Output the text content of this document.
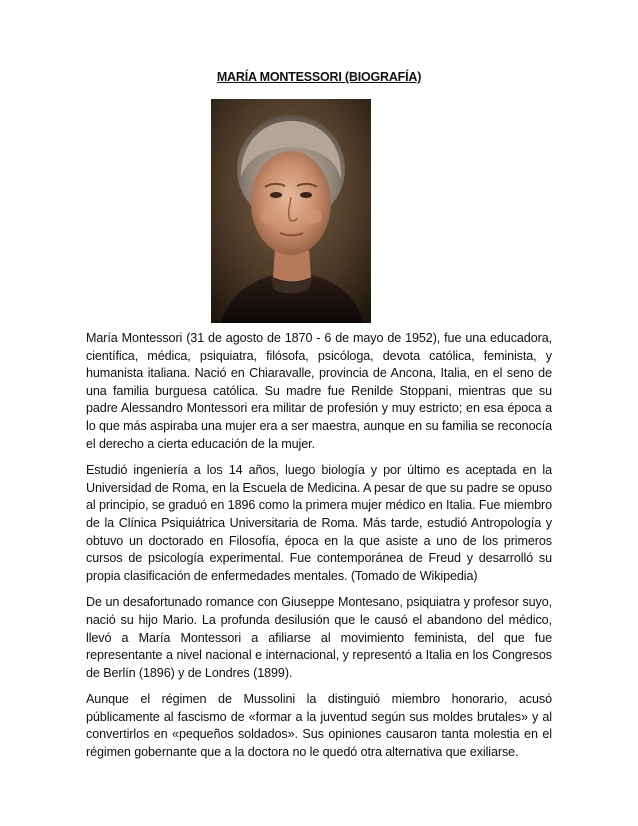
MARÍA MONTESSORI (BIOGRAFÍA)

María Montessori (31 de agosto de 1870 - 6 de mayo de 1952), fue una educadora, científica, médica, psiquiatra, filósofa, psicóloga, devota católica, feminista, y humanista italiana. Nació en Chiaravalle, provincia de Ancona, Italia, en el seno de una familia burguesa católica. Su madre fue Renilde Stoppani, mientras que su padre Alessandro Montessori era militar de profesión y muy estricto; en esa época a lo que más aspiraba una mujer era a ser maestra, aunque en su familia se reconocía el derecho a cierta educación de la mujer.

Estudió ingeniería a los 14 años, luego biología y por último es aceptada en la Universidad de Roma, en la Escuela de Medicina. A pesar de que su padre se opuso al principio, se graduó en 1896 como la primera mujer médico en Italia. Fue miembro de la Clínica Psiquiátrica Universitaria de Roma. Más tarde, estudió Antropología y obtuvo un doctorado en Filosofía, época en la que asiste a uno de los primeros cursos de psicología experimental. Fue contemporánea de Freud y desarrolló su propia clasificación de enfermedades mentales. (Tomado de Wikipedia)

De un desafortunado romance con Giuseppe Montesano, psiquiatra y profesor suyo, nació su hijo Mario. La profunda desilusión que le causó el abandono del médico, llevó a María Montessori a afiliarse al movimiento feminista, del que fue representante a nivel nacional e internacional, y representó a Italia en los Congresos de Berlín (1896) y de Londres (1899).

Aunque el régimen de Mussolini la distinguió miembro honorario, acusó públicamente al fascismo de «formar a la juventud según sus moldes brutales» y al convertirlos en «pequeños soldados». Sus opiniones causaron tanta molestia en el régimen gobernante que a la doctora no le quedó otra alternativa que exiliarse.
